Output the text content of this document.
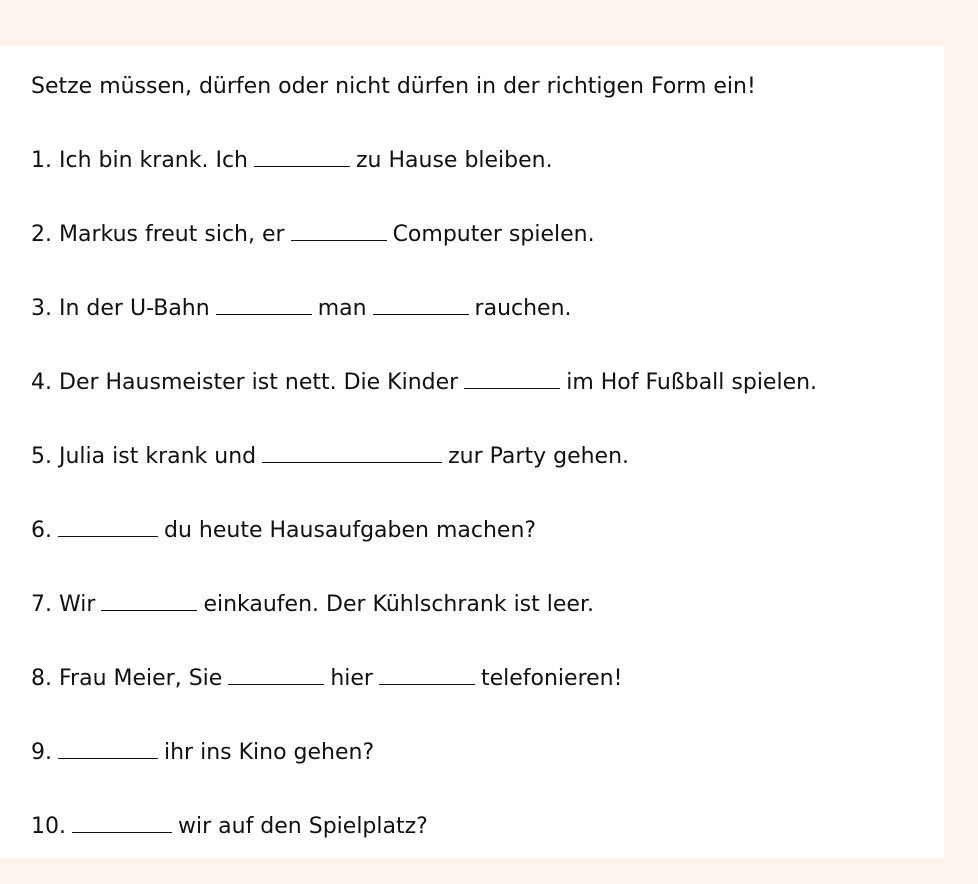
Setze müssen, dürfen oder nicht dürfen in der richtigen Form ein!
1. Ich bin krank. Ich	zu Hause bleiben.
2. Markus freut sich, er	Computer spielen.
3. In der U-Bahn	man	rauchen.
4. Der Hausmeister ist nett. Die Kinder	im Hof Fußball spielen.
5. Julia ist krank und	zur Party gehen.
6.	du heute Hausaufgaben machen?
7. Wir	einkaufen. Der Kühlschrank ist leer.
8. Frau Meier, Sie	hier	telefonieren!
9.	ihr ins Kino gehen?
10.	wir auf den Spielplatz?
